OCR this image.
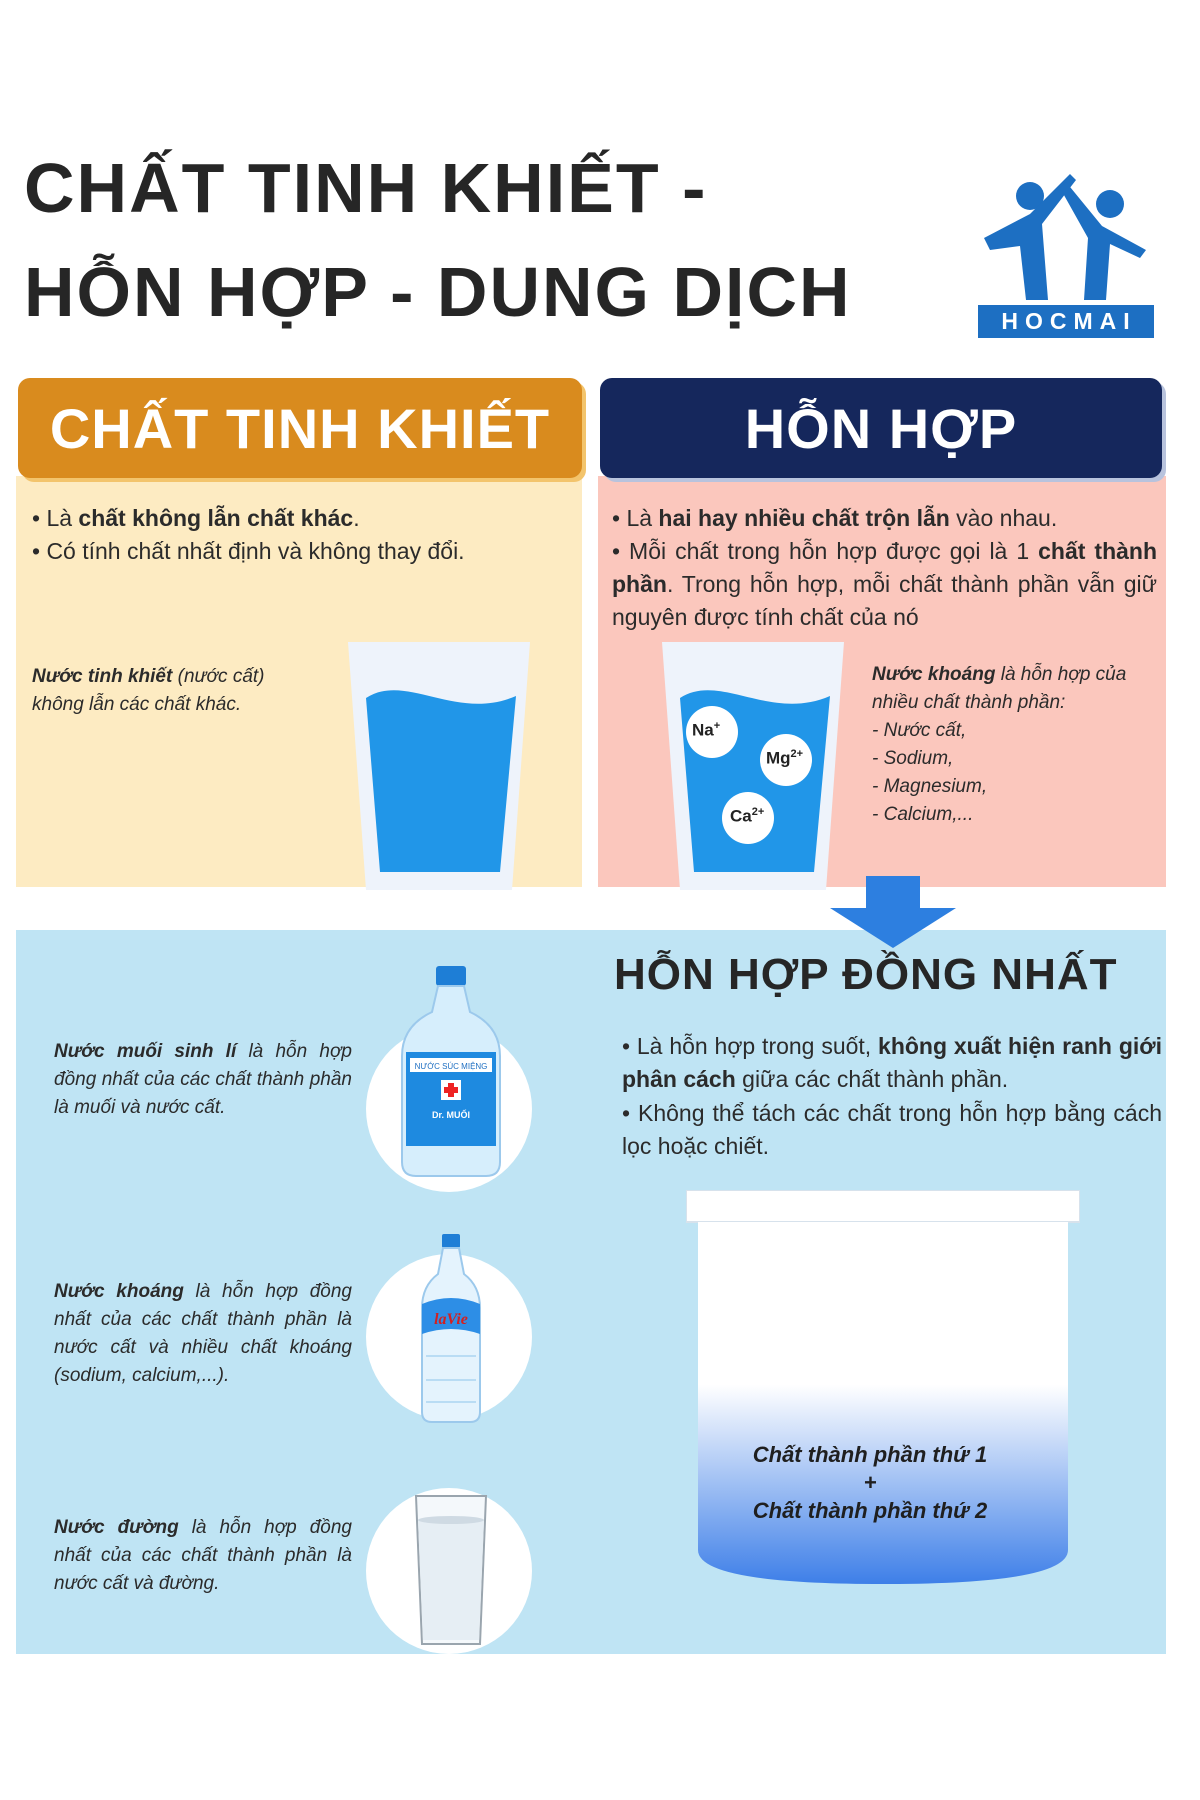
CHẤT TINH KHIẾT -
HỖN HỢP - DUNG DỊCH	HOCMAI
CHẤT TINH KHIẾT	HỖN HỢP
• Là chất không lẫn chất khác.
• Có tính chất nhất định và không thay đổi.
Nước tinh khiết (nước cất)
không lẫn các chất khác.
• Là hai hay nhiều chất trộn lẫn vào nhau.
• Mỗi chất trong hỗn hợp được gọi là 1 chất thành phần. Trong hỗn hợp, mỗi chất thành phần vẫn giữ nguyên được tính chất của nó
Na+
$Mg^{2+}$
$Ca^{2+}$
Nước khoáng là hỗn hợp của
nhiều chất thành phần:
- Nước cất,
- Sodium,
- Magnesium,
- Calcium,...
HỖN HỢP ĐỒNG NHẤT
• Là hỗn hợp trong suốt, không xuất hiện ranh giới phân cách giữa các chất thành phần.
• Không thể tách các chất trong hỗn hợp bằng cách lọc hoặc chiết.
Nước muối sinh lí là hỗn hợp đồng nhất của các chất thành phần là muối và nước cất.
NƯỚC SÚC MIỆNG
Dr. MUỐI
Nước khoáng là hỗn hợp đồng nhất của các chất thành phần là nước cất và nhiều chất khoáng (sodium, calcium,...).
laVie
Nước đường là hỗn hợp đồng nhất của các chất thành phần là nước cất và đường.
Chất thành phần thứ 1
+
Chất thành phần thứ 2
